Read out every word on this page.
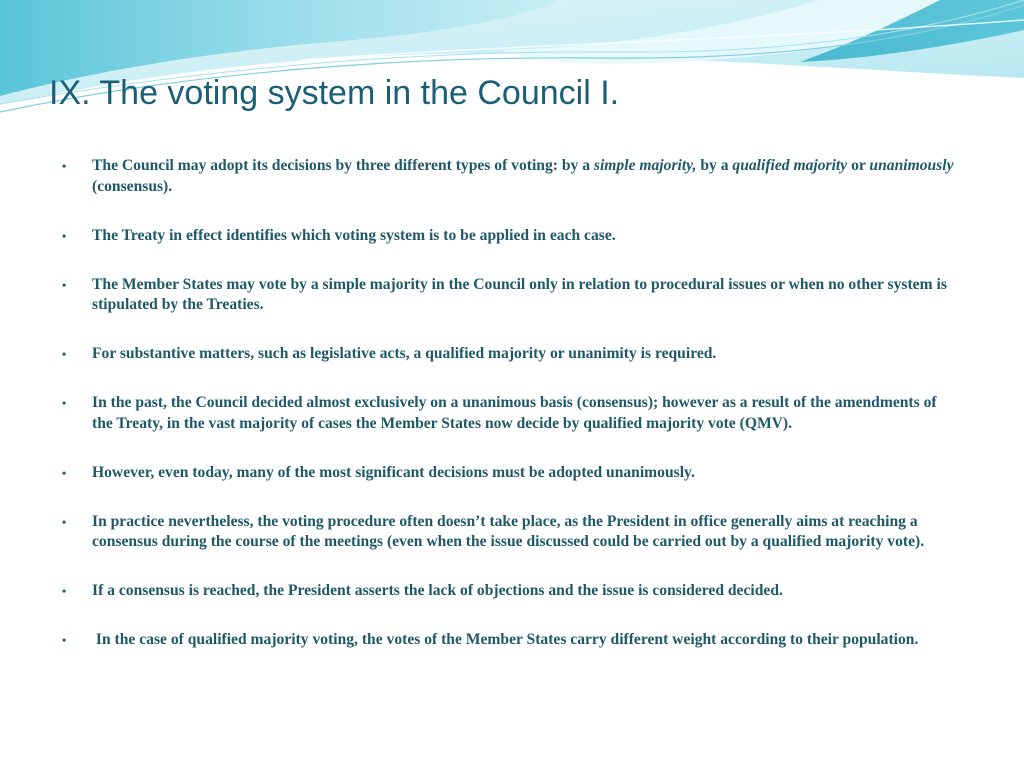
IX. The voting system in the Council I.
• The Council may adopt its decisions by three different types of voting: by a simple majority, by a qualified majority or unanimously (consensus).
• The Treaty in effect identifies which voting system is to be applied in each case.
• The Member States may vote by a simple majority in the Council only in relation to procedural issues or when no other system is stipulated by the Treaties.
• For substantive matters, such as legislative acts, a qualified majority or unanimity is required.
• In the past, the Council decided almost exclusively on a unanimous basis (consensus); however as a result of the amendments of the Treaty, in the vast majority of cases the Member States now decide by qualified majority vote (QMV).
• However, even today, many of the most significant decisions must be adopted unanimously.
• In practice nevertheless, the voting procedure often doesn’t take place, as the President in office generally aims at reaching a consensus during the course of the meetings (even when the issue discussed could be carried out by a qualified majority vote).
• If a consensus is reached, the President asserts the lack of objections and the issue is considered decided.
• In the case of qualified majority voting, the votes of the Member States carry different weight according to their population.
